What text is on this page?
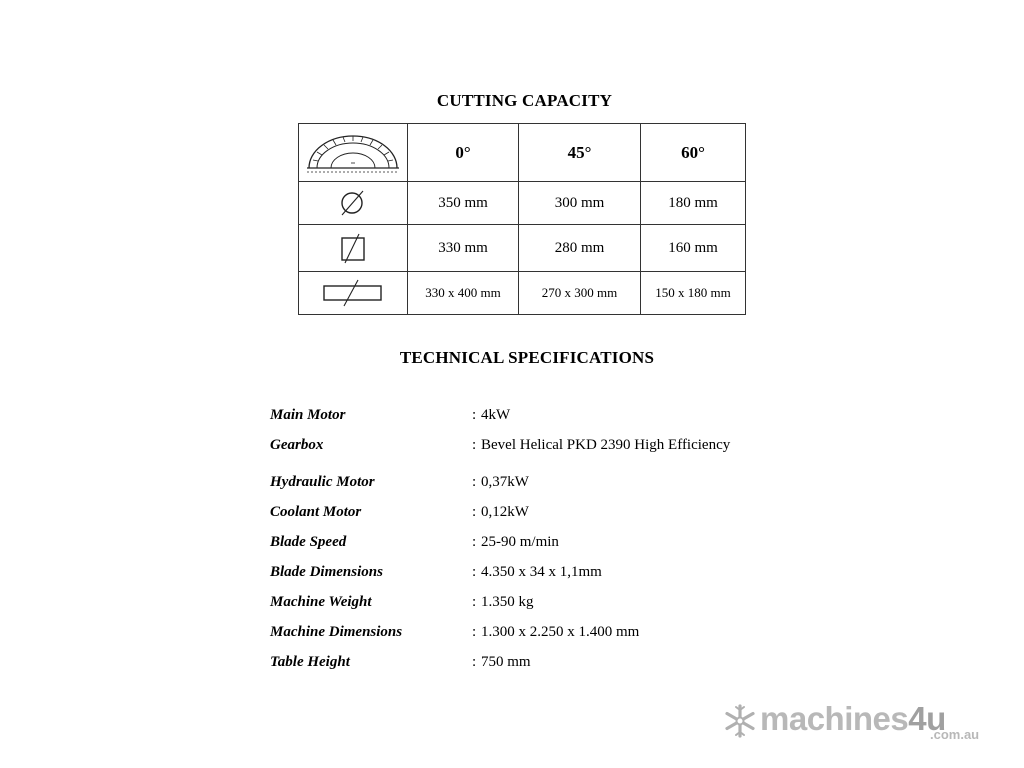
CUTTING CAPACITY
	0°	45°	60°

	350 mm	300 mm	180 mm

	330 mm	280 mm	160 mm

	330 x 400 mm	270 x 300 mm	150 x 180 mm
TECHNICAL SPECIFICATIONS
Main Motor	: 4kW
Gearbox	: Bevel Helical PKD 2390 High Efficiency
Hydraulic Motor	: 0,37kW
Coolant Motor	: 0,12kW
Blade Speed	: 25-90 m/min
Blade Dimensions	: 4.350 x 34 x 1,1mm
Machine Weight	: 1.350 kg
Machine Dimensions	: 1.300 x 2.250 x 1.400 mm
Table Height	: 750 mm
machines4u
.com.au
